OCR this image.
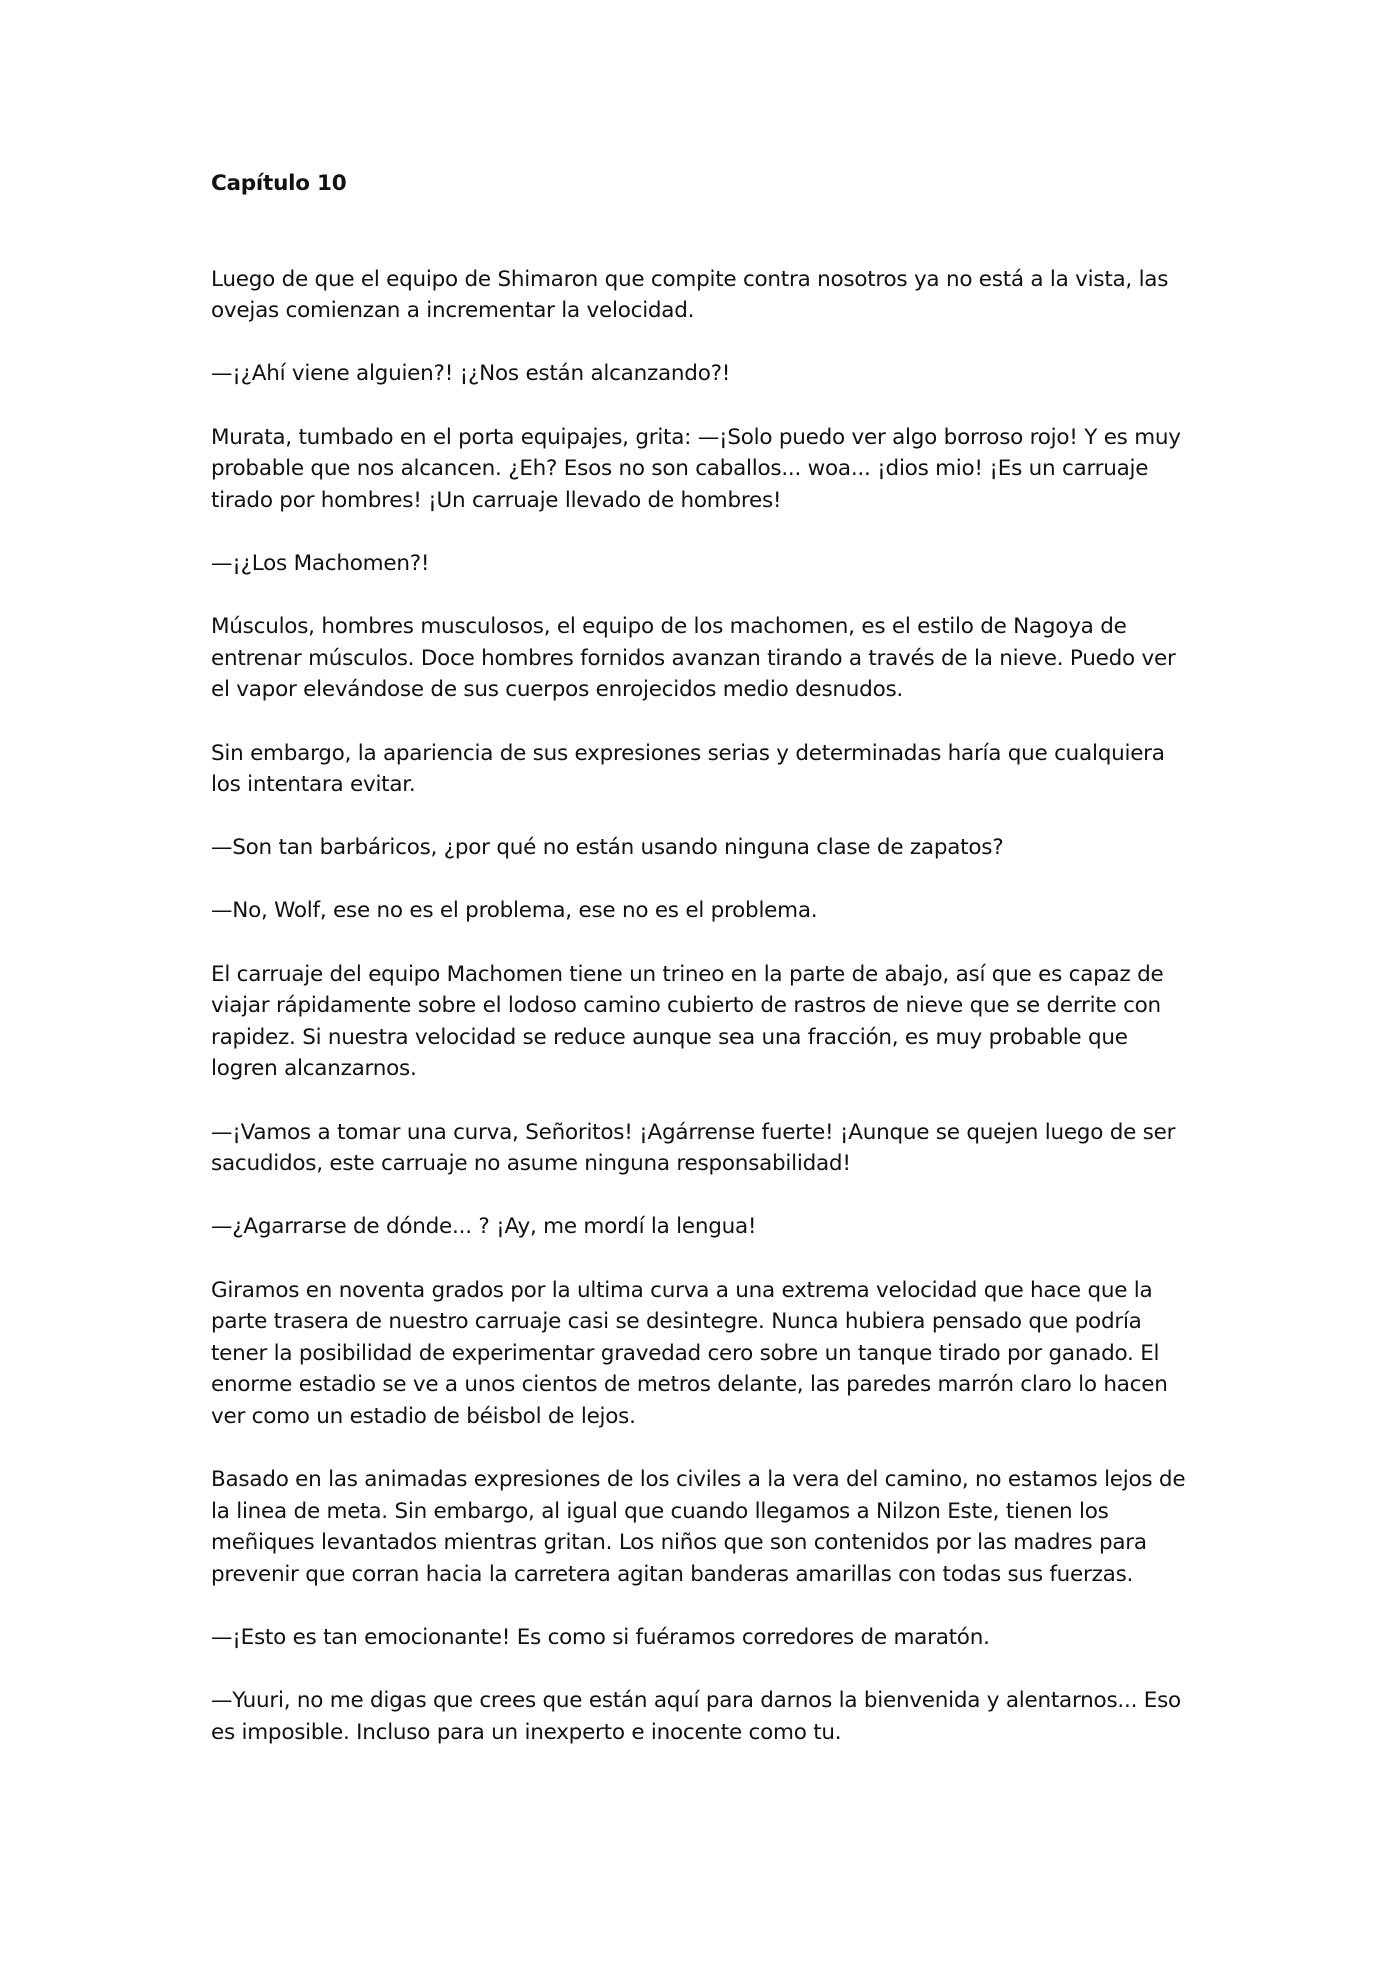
Capítulo 10

Luego de que el equipo de Shimaron que compite contra nosotros ya no está a la vista, las ovejas comienzan a incrementar la velocidad.

—¡¿Ahí viene alguien?! ¡¿Nos están alcanzando?!

Murata, tumbado en el porta equipajes, grita: —¡Solo puedo ver algo borroso rojo! Y es muy probable que nos alcancen. ¿Eh? Esos no son caballos... woa... ¡dios mio! ¡Es un carruaje tirado por hombres! ¡Un carruaje llevado de hombres!

—¡¿Los Machomen?!

Músculos, hombres musculosos, el equipo de los machomen, es el estilo de Nagoya de entrenar músculos. Doce hombres fornidos avanzan tirando a través de la nieve. Puedo ver el vapor elevándose de sus cuerpos enrojecidos medio desnudos.

Sin embargo, la apariencia de sus expresiones serias y determinadas haría que cualquiera los intentara evitar.

—Son tan barbáricos, ¿por qué no están usando ninguna clase de zapatos?

—No, Wolf, ese no es el problema, ese no es el problema.

El carruaje del equipo Machomen tiene un trineo en la parte de abajo, así que es capaz de viajar rápidamente sobre el lodoso camino cubierto de rastros de nieve que se derrite con rapidez. Si nuestra velocidad se reduce aunque sea una fracción, es muy probable que logren alcanzarnos.

—¡Vamos a tomar una curva, Señoritos! ¡Agárrense fuerte! ¡Aunque se quejen luego de ser sacudidos, este carruaje no asume ninguna responsabilidad!

—¿Agarrarse de dónde... ? ¡Ay, me mordí la lengua!

Giramos en noventa grados por la ultima curva a una extrema velocidad que hace que la parte trasera de nuestro carruaje casi se desintegre. Nunca hubiera pensado que podría tener la posibilidad de experimentar gravedad cero sobre un tanque tirado por ganado. El enorme estadio se ve a unos cientos de metros delante, las paredes marrón claro lo hacen ver como un estadio de béisbol de lejos.

Basado en las animadas expresiones de los civiles a la vera del camino, no estamos lejos de la linea de meta. Sin embargo, al igual que cuando llegamos a Nilzon Este, tienen los meñiques levantados mientras gritan. Los niños que son contenidos por las madres para prevenir que corran hacia la carretera agitan banderas amarillas con todas sus fuerzas.

—¡Esto es tan emocionante! Es como si fuéramos corredores de maratón.

—Yuuri, no me digas que crees que están aquí para darnos la bienvenida y alentarnos... Eso es imposible. Incluso para un inexperto e inocente como tu.
